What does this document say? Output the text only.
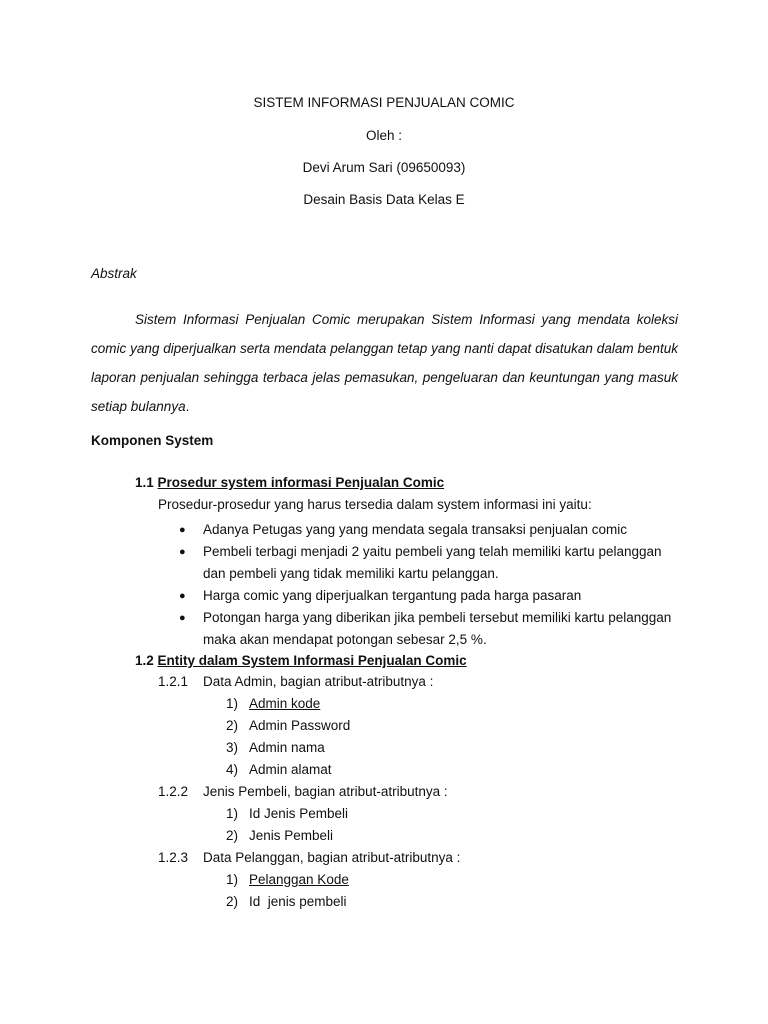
SISTEM INFORMASI PENJUALAN COMIC
Oleh :
Devi Arum Sari (09650093)
Desain Basis Data Kelas E
Abstrak

Sistem Informasi Penjualan Comic merupakan Sistem Informasi yang mendata koleksi comic yang diperjualkan serta mendata pelanggan tetap yang nanti dapat disatukan dalam bentuk laporan penjualan sehingga terbaca jelas pemasukan, pengeluaran dan keuntungan yang masuk setiap bulannya.

Komponen System
1.1 Prosedur system informasi Penjualan Comic
Prosedur-prosedur yang harus tersedia dalam system informasi ini yaitu:
● Adanya Petugas yang yang mendata segala transaksi penjualan comic
● Pembeli terbagi menjadi 2 yaitu pembeli yang telah memiliki kartu pelanggan dan pembeli yang tidak memiliki kartu pelanggan.
● Harga comic yang diperjualkan tergantung pada harga pasaran
● Potongan harga yang diberikan jika pembeli tersebut memiliki kartu pelanggan maka akan mendapat potongan sebesar 2,5 %.
1.2 Entity dalam System Informasi Penjualan Comic
1.2.1 Data Admin, bagian atribut-atributnya :
1) Admin kode
2) Admin Password
3) Admin nama
4) Admin alamat
1.2.2 Jenis Pembeli, bagian atribut-atributnya :
1) Id Jenis Pembeli
2) Jenis Pembeli
1.2.3 Data Pelanggan, bagian atribut-atributnya :
1) Pelanggan Kode
2) Id  jenis pembeli
